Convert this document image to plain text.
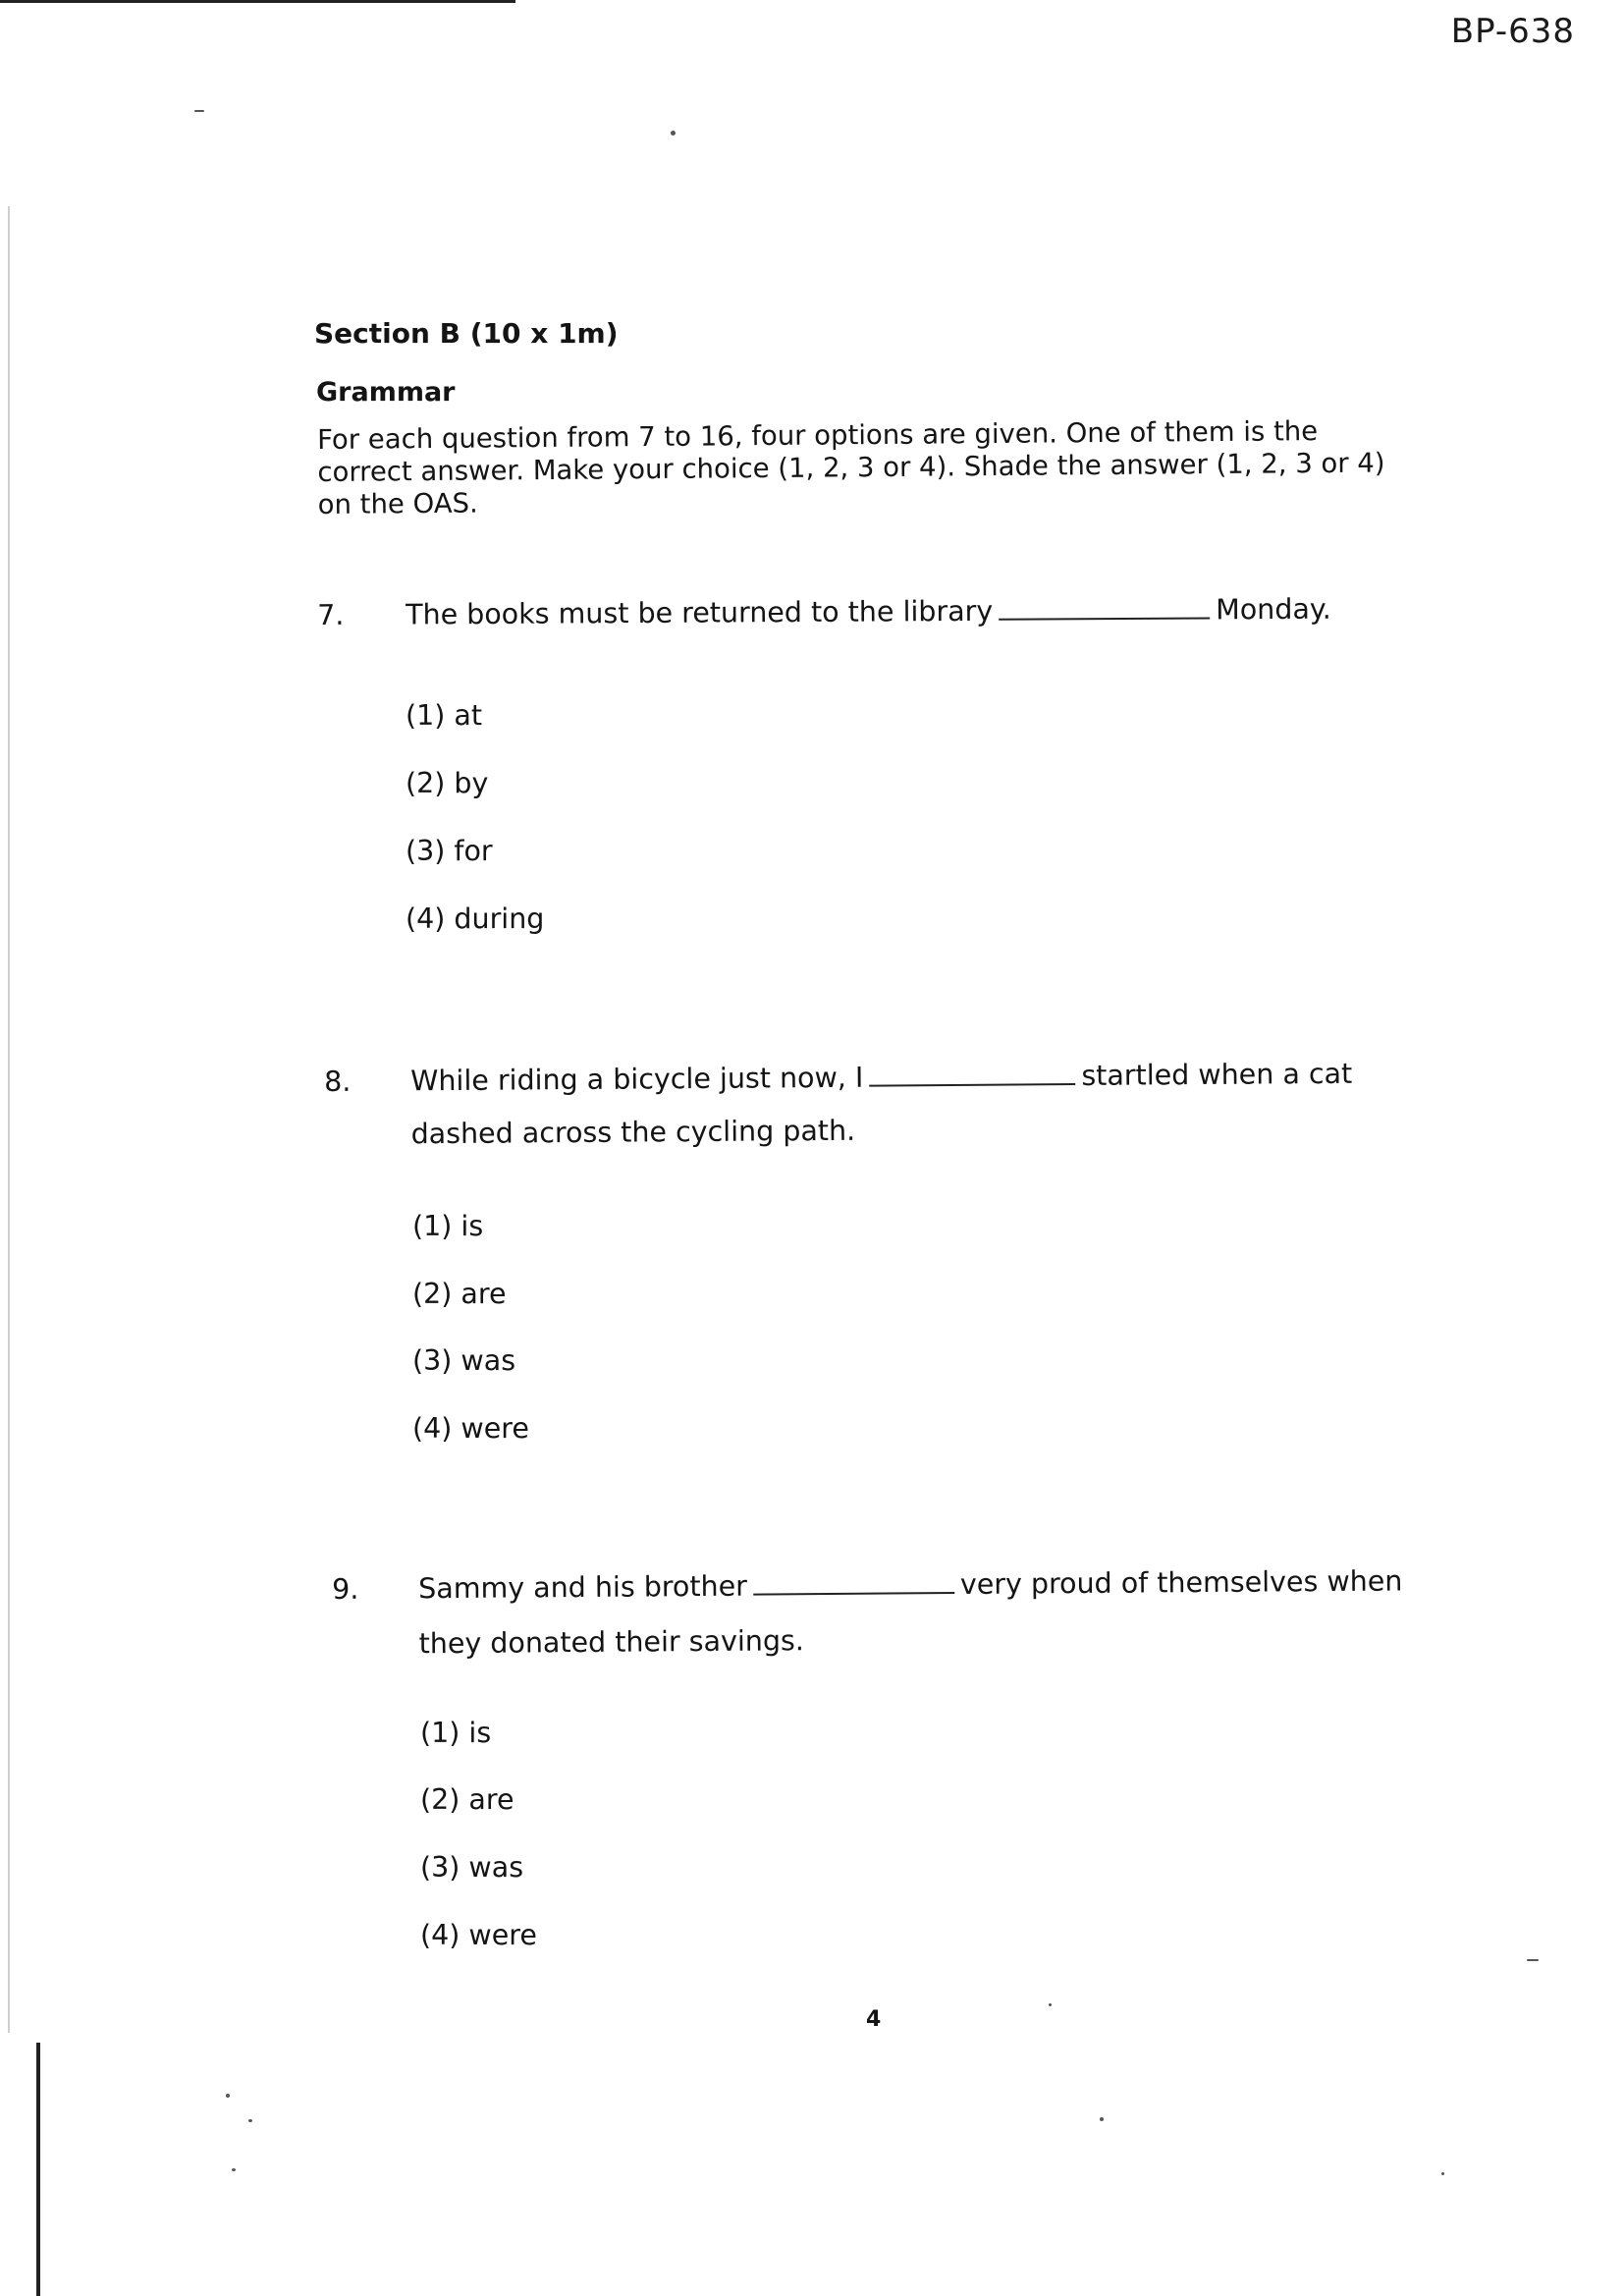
BP-638
Section B (10 x 1m)
Grammar
For each question from 7 to 16, four options are given. One of them is the correct answer. Make your choice (1, 2, 3 or 4). Shade the answer (1, 2, 3 or 4) on the OAS.
7. The books must be returned to the library	Monday.
(1) at
(2) by
(3) for
(4) during
8. While riding a bicycle just now, I	startled when a cat
dashed across the cycling path.
(1) is
(2) are
(3) was
(4) were
9. Sammy and his brother	very proud of themselves when
they donated their savings.
(1) is
(2) are
(3) was
(4) were
4
